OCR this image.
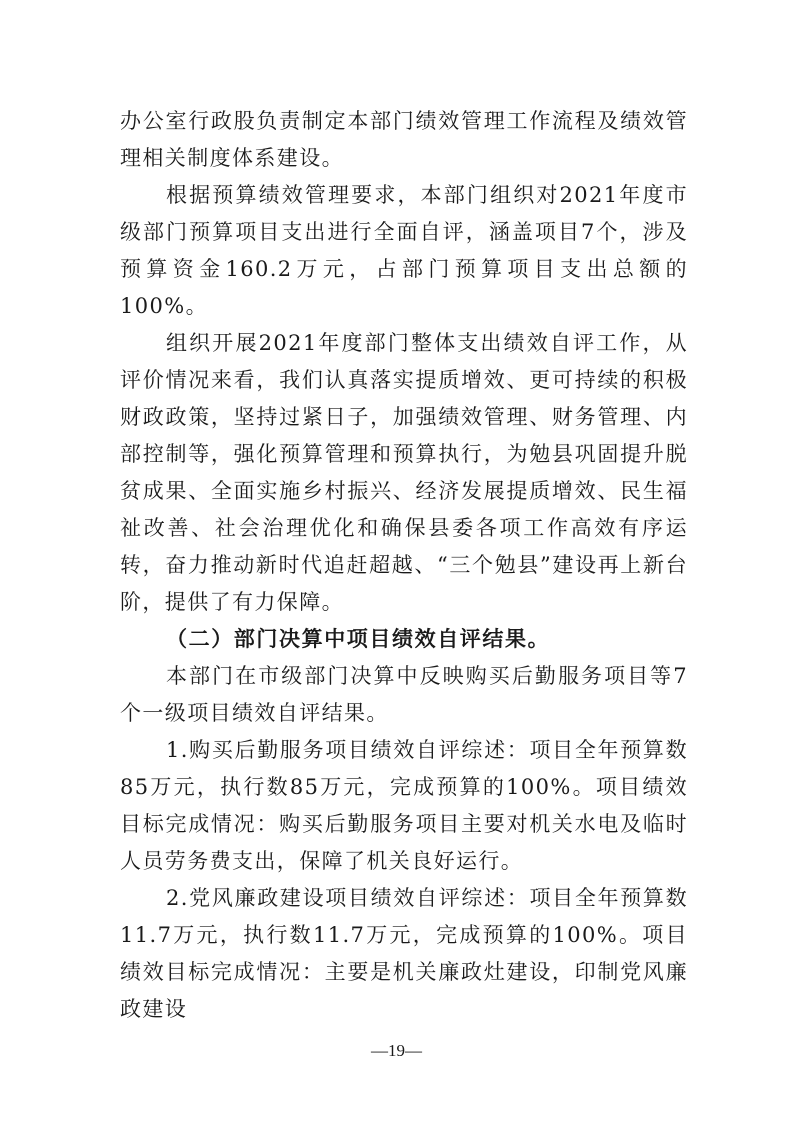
办公室行政股负责制定本部门绩效管理工作流程及绩效管理相关制度体系建设。

根据预算绩效管理要求，本部门组织对2021年度市级部门预算项目支出进行全面自评，涵盖项目7个，涉及预算资金160.2万元，占部门预算项目支出总额的100%。

组织开展2021年度部门整体支出绩效自评工作，从评价情况来看，我们认真落实提质增效、更可持续的积极财政政策，坚持过紧日子，加强绩效管理、财务管理、内部控制等，强化预算管理和预算执行，为勉县巩固提升脱贫成果、全面实施乡村振兴、经济发展提质增效、民生福祉改善、社会治理优化和确保县委各项工作高效有序运转，奋力推动新时代追赶超越、“三个勉县”建设再上新台阶，提供了有力保障。

（二）部门决算中项目绩效自评结果。

本部门在市级部门决算中反映购买后勤服务项目等7个一级项目绩效自评结果。

1.购买后勤服务项目绩效自评综述：项目全年预算数85万元，执行数85万元，完成预算的100%。项目绩效目标完成情况：购买后勤服务项目主要对机关水电及临时人员劳务费支出，保障了机关良好运行。

2.党风廉政建设项目绩效自评综述：项目全年预算数11.7万元，执行数11.7万元，完成预算的100%。项目绩效目标完成情况：主要是机关廉政灶建设，印制党风廉政建设

—19—
